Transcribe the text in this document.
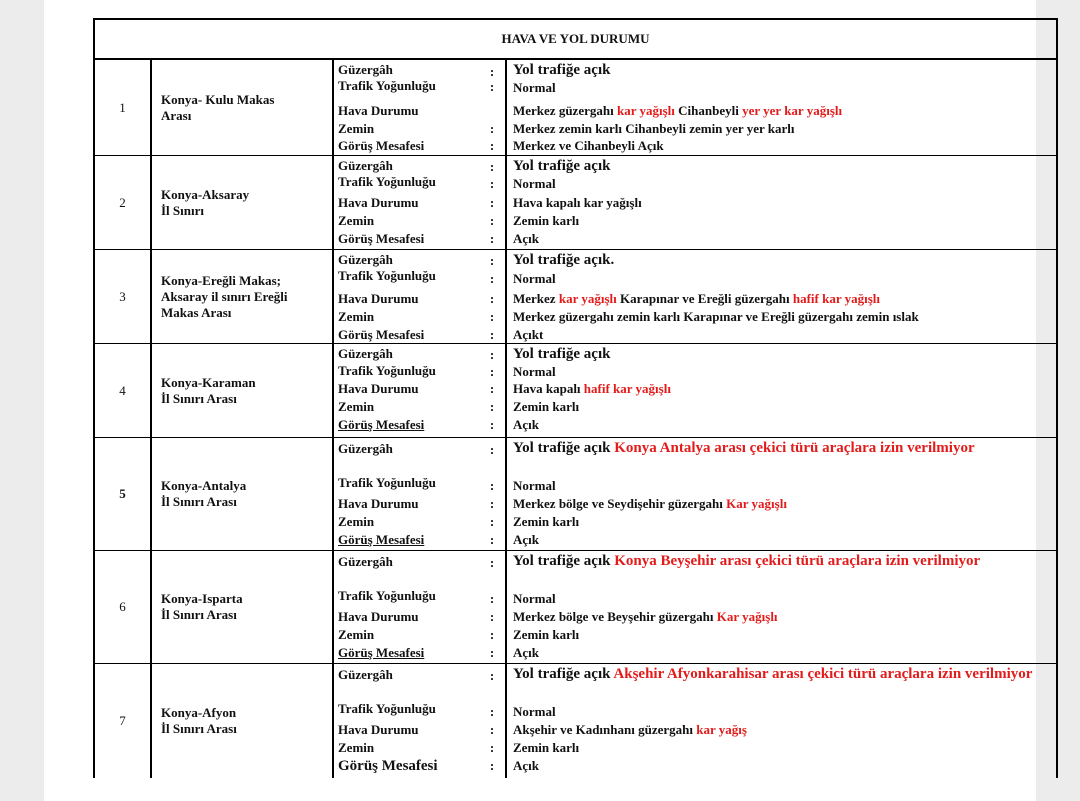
HAVA VE YOL DURUMU
1
Konya- Kulu Makas
Arası
Güzergâh
Trafik Yoğunluğu
Hava Durumu
Zemin
Görüş Mesafesi
:
:
:
:
Yol trafiğe açık
Normal
Merkez güzergahı kar yağışlı Cihanbeyli yer yer kar yağışlı
Merkez zemin karlı Cihanbeyli zemin yer yer karlı
Merkez ve Cihanbeyli Açık
2
Konya-Aksaray
İl Sınırı
Güzergâh
Trafik Yoğunluğu
Hava Durumu
Zemin
Görüş Mesafesi
:
:
:
:
:
Yol trafiğe açık
Normal
Hava kapalı kar yağışlı
Zemin karlı
Açık
3
Konya-Ereğli Makas;
Aksaray il sınırı Ereğli
Makas Arası
Güzergâh
Trafik Yoğunluğu
Hava Durumu
Zemin
Görüş Mesafesi
:
:
:
:
:
Yol trafiğe açık.
Normal
Merkez kar yağışlı Karapınar ve Ereğli güzergahı hafif kar yağışlı
Merkez güzergahı zemin karlı Karapınar ve Ereğli güzergahı zemin ıslak
Açıkt
4
Konya-Karaman
İl Sınırı Arası
Güzergâh
Trafik Yoğunluğu
Hava Durumu
Zemin
Görüş Mesafesi
:
:
:
:
:
Yol trafiğe açık
Normal
Hava kapalı hafif kar yağışlı
Zemin karlı
Açık
5
Konya-Antalya
İl Sınırı Arası
Güzergâh
Trafik Yoğunluğu
Hava Durumu
Zemin
Görüş Mesafesi
:
:
:
:
:
Yol trafiğe açık Konya Antalya arası çekici türü araçlara izin verilmiyor
Normal
Merkez bölge ve Seydişehir güzergahı Kar yağışlı
Zemin karlı
Açık
6
Konya-Isparta
İl Sınırı Arası
Güzergâh
Trafik Yoğunluğu
Hava Durumu
Zemin
Görüş Mesafesi
:
:
:
:
:
Yol trafiğe açık Konya Beyşehir arası çekici türü araçlara izin verilmiyor
Normal
Merkez bölge ve Beyşehir güzergahı Kar yağışlı
Zemin karlı
Açık
7
Konya-Afyon
İl Sınırı Arası
Güzergâh
Trafik Yoğunluğu
Hava Durumu
Zemin
Görüş Mesafesi
:
:
:
:
:
Yol trafiğe açık Akşehir Afyonkarahisar arası çekici türü araçlara izin verilmiyor
Normal
Akşehir ve Kadınhanı güzergahı kar yağış
Zemin karlı
Açık
